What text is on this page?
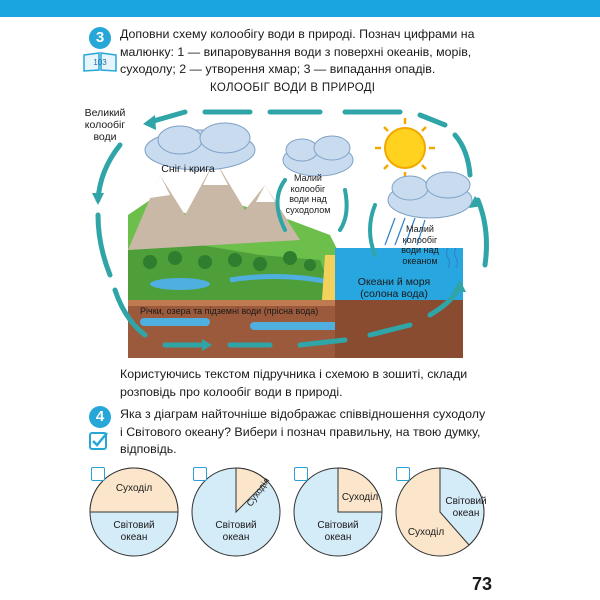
3
103
Доповни схему колообігу води в природі. Познач цифрами на
малюнку: 1 — випаровування води з поверхні океанів, морів,
суходолу; 2 — утворення хмар; 3 — випадання опадів.
КОЛООБІГ ВОДИ В ПРИРОДІ
Великий
колообіг
води
Сніг і крига
Малий
колообіг
води над
суходолом
Малий
колообіг
води над
океаном
Океани й моря
(солона вода)
Річки, озера та підземні води (прісна вода)
Користуючись текстом підручника і схемою в зошиті, склади
розповідь про колообіг води в природі.
4	Яка з діаграм найточніше відображає співвідношення суходолу
і Світового океану? Вибери і познач правильну, на твою думку,
відповідь.
Суходіл
Світовий
океан
Суходіл
Світовий
океан
Суходіл
Світовий
океан	Суходіл
Світовий
океан
73
